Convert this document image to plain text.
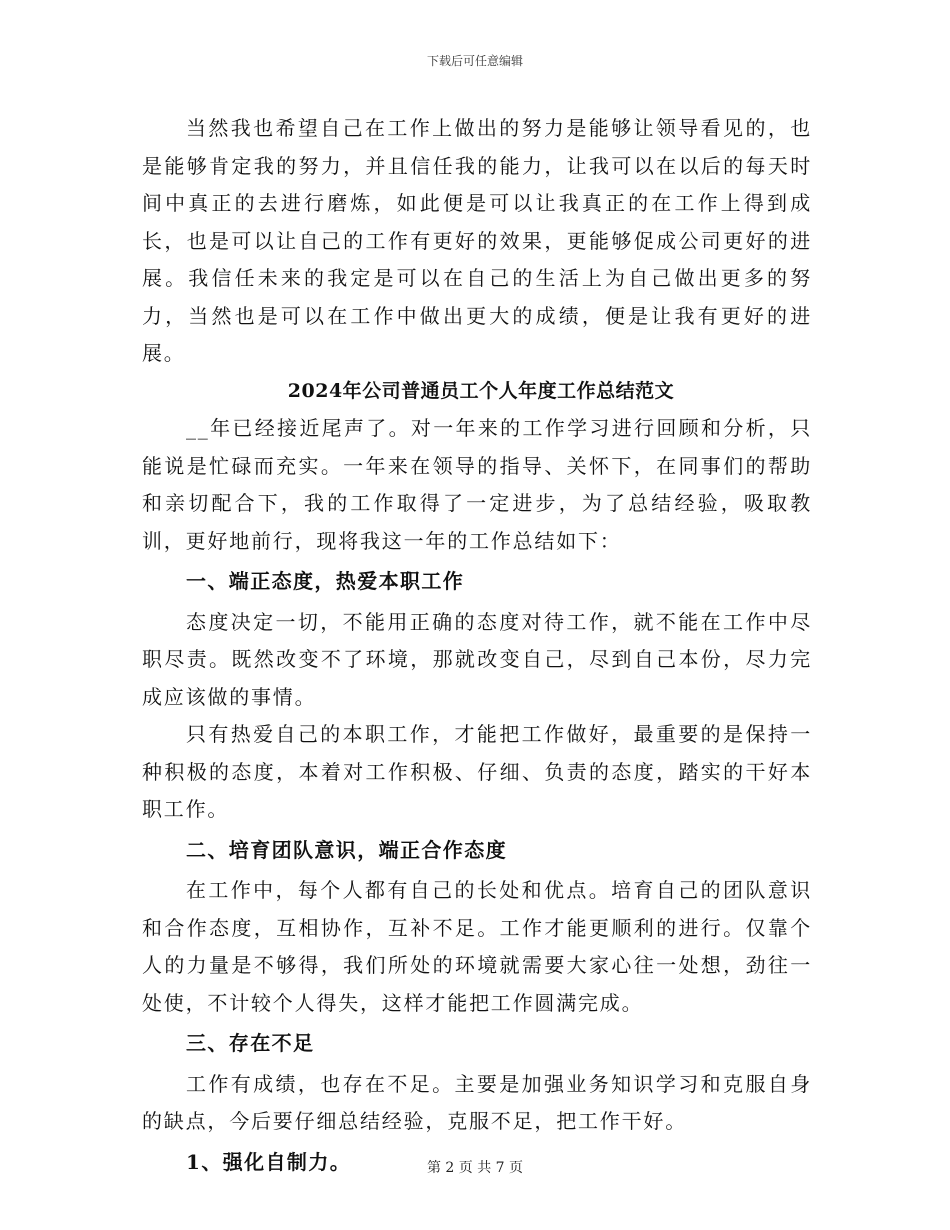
下载后可任意编辑

当然我也希望自己在工作上做出的努力是能够让领导看见的，也是能够肯定我的努力，并且信任我的能力，让我可以在以后的每天时间中真正的去进行磨炼，如此便是可以让我真正的在工作上得到成长，也是可以让自己的工作有更好的效果，更能够促成公司更好的进展。我信任未来的我定是可以在自己的生活上为自己做出更多的努力，当然也是可以在工作中做出更大的成绩，便是让我有更好的进展。

2024年公司普通员工个人年度工作总结范文

__年已经接近尾声了。对一年来的工作学习进行回顾和分析，只能说是忙碌而充实。一年来在领导的指导、关怀下，在同事们的帮助和亲切配合下，我的工作取得了一定进步，为了总结经验，吸取教训，更好地前行，现将我这一年的工作总结如下：

一、端正态度，热爱本职工作

态度决定一切，不能用正确的态度对待工作，就不能在工作中尽职尽责。既然改变不了环境，那就改变自己，尽到自己本份，尽力完成应该做的事情。

只有热爱自己的本职工作，才能把工作做好，最重要的是保持一种积极的态度，本着对工作积极、仔细、负责的态度，踏实的干好本职工作。

二、培育团队意识，端正合作态度

在工作中，每个人都有自己的长处和优点。培育自己的团队意识和合作态度，互相协作，互补不足。工作才能更顺利的进行。仅靠个人的力量是不够得，我们所处的环境就需要大家心往一处想，劲往一处使，不计较个人得失，这样才能把工作圆满完成。

三、存在不足

工作有成绩，也存在不足。主要是加强业务知识学习和克服自身的缺点，今后要仔细总结经验，克服不足，把工作干好。

1、强化自制力。	第 2 页 共 7 页
